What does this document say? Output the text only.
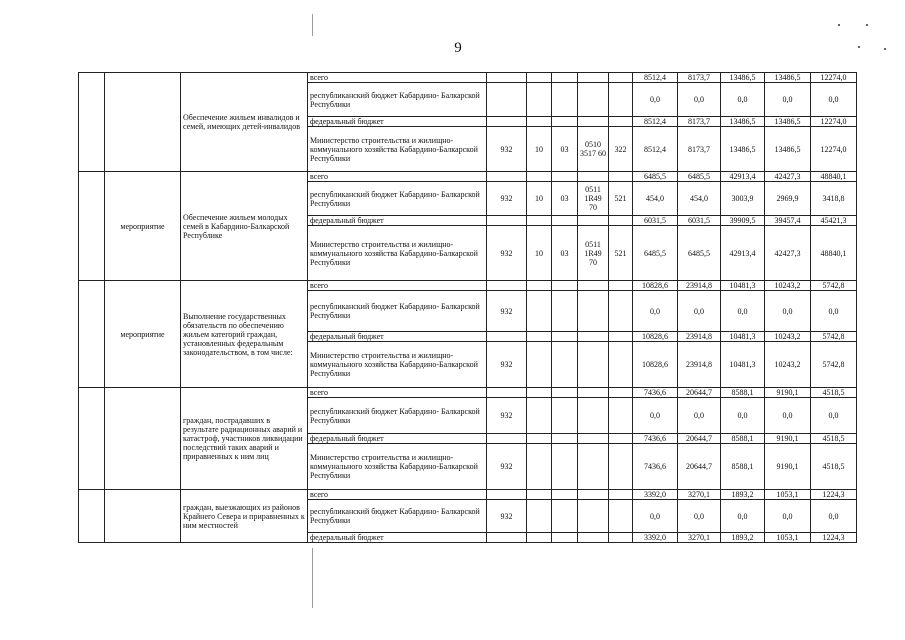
9
		Обеспечение жильем инвалидов и семей, имеющих детей-инвалидов	всего						8512,4	8173,7	13486,5	13486,5	12274,0
			республиканский бюджет Кабардино- Балкарской Республики						0,0	0,0	0,0	0,0	0,0
			федеральный бюджет						8512,4	8173,7	13486,5	13486,5	12274,0
			Министерство строительства и жилищно-коммунального хозяйства Кабардино-Балкарской Республики	932	10	03	0510 3517 60	322	8512,4	8173,7	13486,5	13486,5	12274,0
	мероприятие	Обеспечение жильем молодых семей в Кабардино-Балкарской Республике	всего						6485,5	6485,5	42913,4	42427,3	48840,1
			республиканский бюджет Кабардино- Балкарской Республики	932	10	03	0511 1R49 70	521	454,0	454,0	3003,9	2969,9	3418,8
			федеральный бюджет						6031,5	6031,5	39909,5	39457,4	45421,3
			Министерство строительства и жилищно-коммунального хозяйства Кабардино-Балкарской Республики	932	10	03	0511 1R49 70	521	6485,5	6485,5	42913,4	42427,3	48840,1
	мероприятие	Выполнение государственных обязательств по обеспечению жильем категорий граждан, установленных федеральным законодательством, в том числе:	всего						10828,6	23914,8	10481,3	10243,2	5742,8
			республиканский бюджет Кабардино- Балкарской Республики	932					0,0	0,0	0,0	0,0	0,0
			федеральный бюджет						10828,6	23914,8	10481,3	10243,2	5742,8
			Министерство строительства и жилищно-коммунального хозяйства Кабардино-Балкарской Республики	932					10828,6	23914,8	10481,3	10243,2	5742,8
		граждан, пострадавших в результате радиационных аварий и катастроф, участников ликвидации последствий таких аварий и приравненных к ним лиц	всего						7436,6	20644,7	8588,1	9190,1	4518,5
			республиканский бюджет Кабардино- Балкарской Республики	932					0,0	0,0	0,0	0,0	0,0
			федеральный бюджет						7436,6	20644,7	8588,1	9190,1	4518,5
			Министерство строительства и жилищно-коммунального хозяйства Кабардино-Балкарской Республики	932					7436,6	20644,7	8588,1	9190,1	4518,5
		граждан, выезжающих из районов Крайнего Севера и приравненных к ним местностей	всего						3392,0	3270,1	1893,2	1053,1	1224,3
			республиканский бюджет Кабардино- Балкарской Республики	932					0,0	0,0	0,0	0,0	0,0
			федеральный бюджет						3392,0	3270,1	1893,2	1053,1	1224,3
